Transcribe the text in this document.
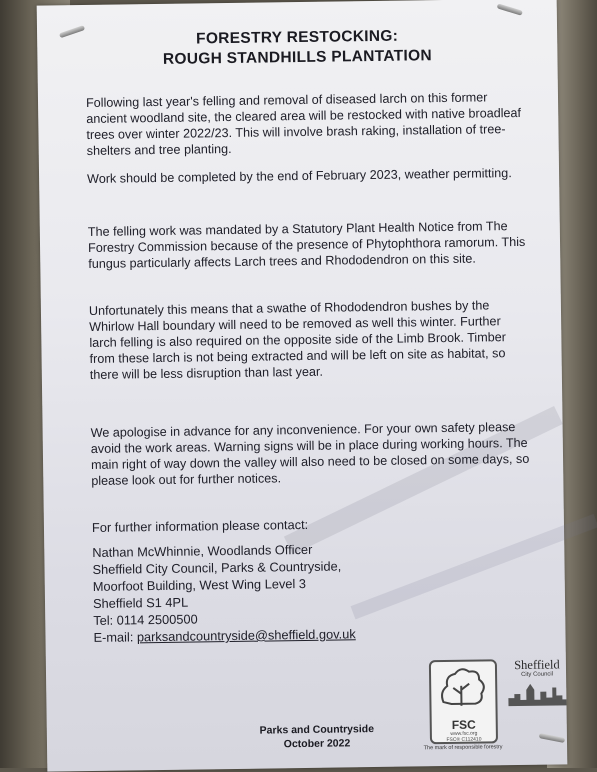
FORESTRY RESTOCKING:
ROUGH STANDHILLS PLANTATION
Following last year's felling and removal of diseased larch on this former ancient woodland site, the cleared area will be restocked with native broadleaf trees over winter 2022/23. This will involve brash raking, installation of tree-shelters and tree planting.
Work should be completed by the end of February 2023, weather permitting.
The felling work was mandated by a Statutory Plant Health Notice from The Forestry Commission because of the presence of Phytophthora ramorum. This fungus particularly affects Larch trees and Rhododendron on this site.
Unfortunately this means that a swathe of Rhododendron bushes by the Whirlow Hall boundary will need to be removed as well this winter. Further larch felling is also required on the opposite side of the Limb Brook. Timber from these larch is not being extracted and will be left on site as habitat, so there will be less disruption than last year.
We apologise in advance for any inconvenience. For your own safety please avoid the work areas. Warning signs will be in place during working hours. The main right of way down the valley will also need to be closed on some days, so please look out for further notices.
For further information please contact:
Nathan McWhinnie, Woodlands Officer
Sheffield City Council, Parks & Countryside,
Moorfoot Building, West Wing Level 3
Sheffield S1 4PL
Tel: 0114 2500500
E-mail: parksandcountryside@sheffield.gov.uk
Parks and Countryside
October 2022
FSC
www.fsc.org
FSC® C112410
The mark of responsible forestry
Sheffield
City Council
